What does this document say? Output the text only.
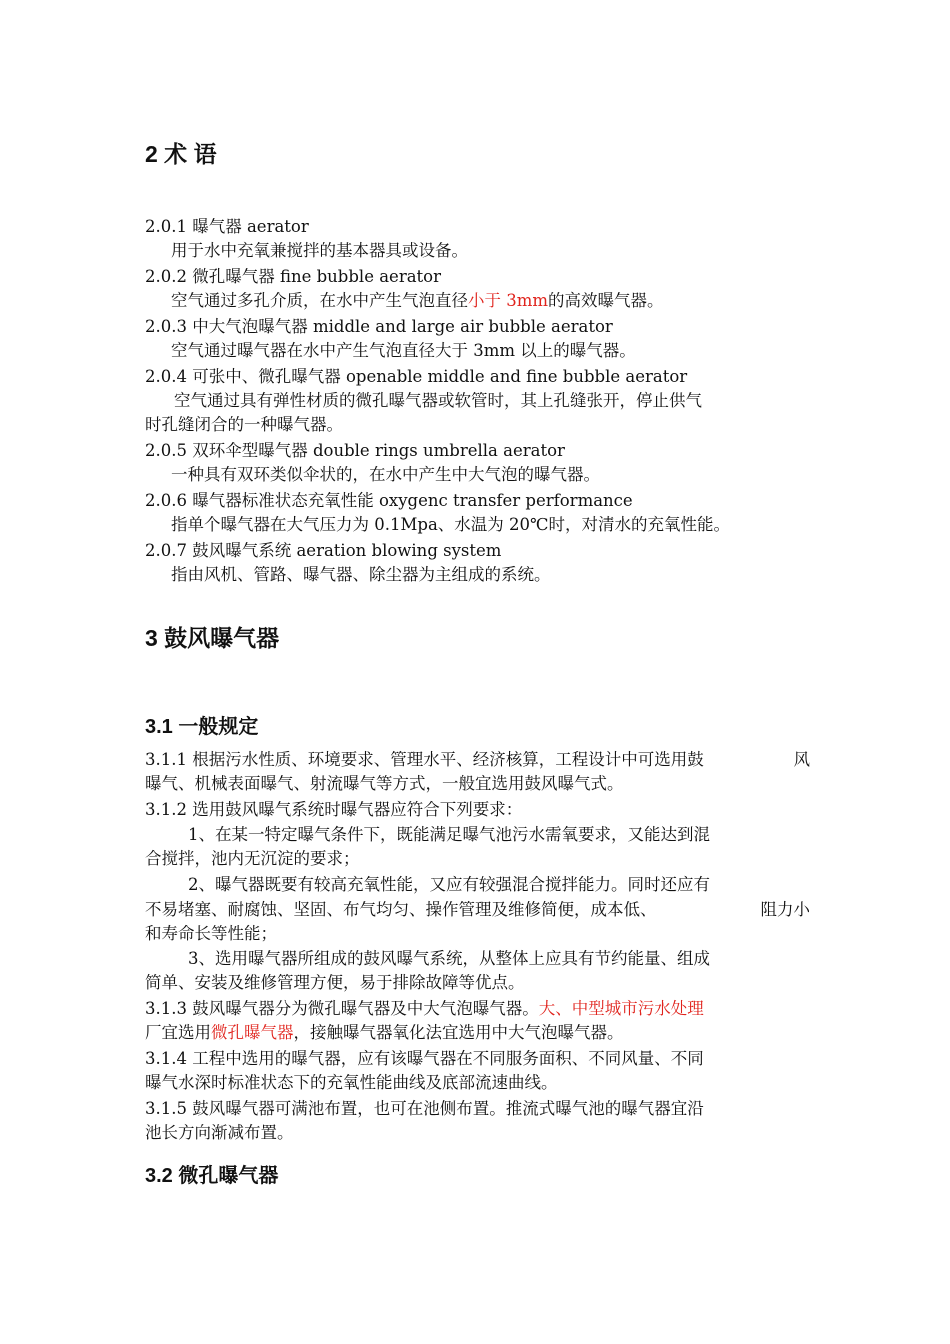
2 术 语
2.0.1 曝气器 aerator
用于水中充氧兼搅拌的基本器具或设备。
2.0.2 微孔曝气器 fine bubble aerator
空气通过多孔介质，在水中产生气泡直径小于 3mm的高效曝气器。
2.0.3 中大气泡曝气器 middle and large air bubble aerator
空气通过曝气器在水中产生气泡直径大于 3mm 以上的曝气器。
2.0.4 可张中、微孔曝气器 openable middle and fine bubble aerator
空气通过具有弹性材质的微孔曝气器或软管时，其上孔缝张开，停止供气
时孔缝闭合的一种曝气器。
2.0.5 双环伞型曝气器 double rings umbrella aerator
一种具有双环类似伞状的，在水中产生中大气泡的曝气器。
2.0.6 曝气器标准状态充氧性能 oxygenc transfer performance
指单个曝气器在大气压力为 0.1Mpa、水温为 20℃时，对清水的充氧性能。
2.0.7 鼓风曝气系统 aeration blowing system
指由风机、管路、曝气器、除尘器为主组成的系统。
3 鼓风曝气器
3.1 一般规定
3.1.1 根据污水性质、环境要求、管理水平、经济核算，工程设计中可选用鼓	风
曝气、机械表面曝气、射流曝气等方式，一般宜选用鼓风曝气式。
3.1.2 选用鼓风曝气系统时曝气器应符合下列要求：
1、在某一特定曝气条件下，既能满足曝气池污水需氧要求，又能达到混
合搅拌，池内无沉淀的要求；
2、曝气器既要有较高充氧性能，又应有较强混合搅拌能力。同时还应有
不易堵塞、耐腐蚀、坚固、布气均匀、操作管理及维修简便，成本低、	阻力小
和寿命长等性能；
3、选用曝气器所组成的鼓风曝气系统，从整体上应具有节约能量、组成
简单、安装及维修管理方便，易于排除故障等优点。
3.1.3 鼓风曝气器分为微孔曝气器及中大气泡曝气器。大、中型城市污水处理
厂宜选用微孔曝气器，接触曝气器氧化法宜选用中大气泡曝气器。
3.1.4 工程中选用的曝气器，应有该曝气器在不同服务面积、不同风量、不同
曝气水深时标准状态下的充氧性能曲线及底部流速曲线。
3.1.5 鼓风曝气器可满池布置，也可在池侧布置。推流式曝气池的曝气器宜沿
池长方向渐减布置。
3.2 微孔曝气器
